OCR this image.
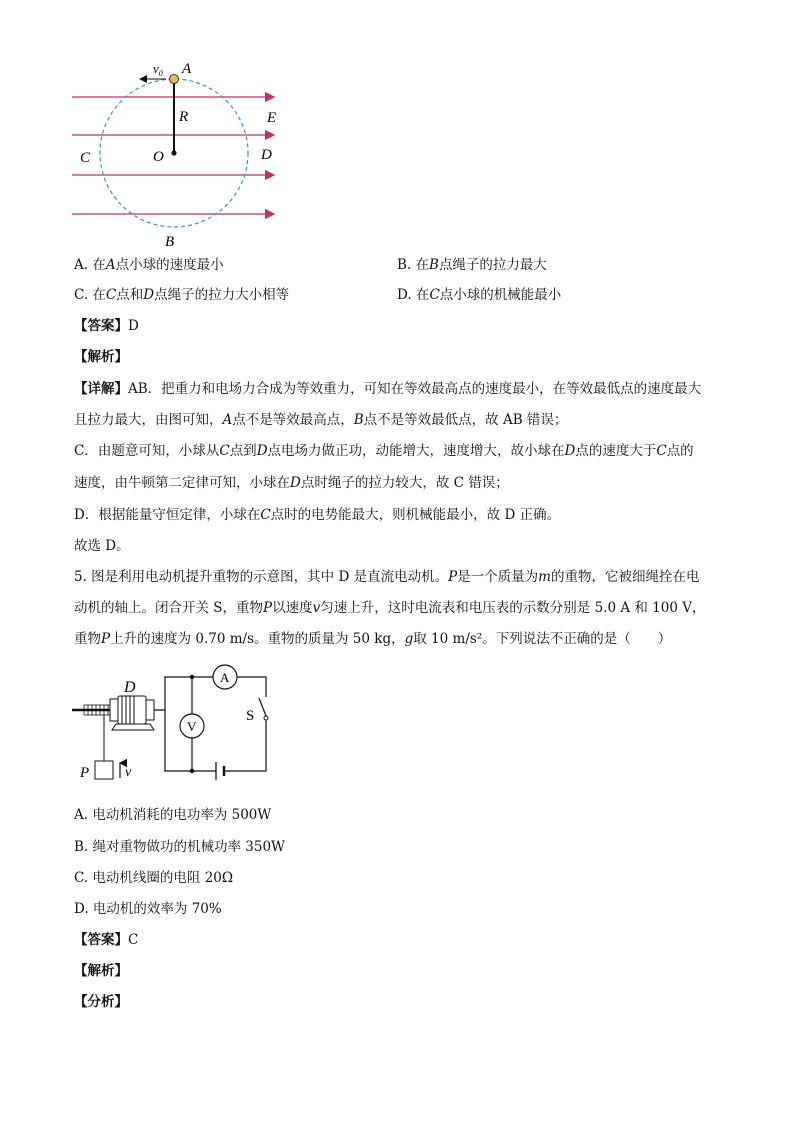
$v_0$ A
R	E
C	O	D
B
A. 在A点小球的速度最小	B. 在B点绳子的拉力最大
C. 在C点和D点绳子的拉力大小相等	D. 在C点小球的机械能最小
【答案】D
【解析】
【详解】AB．把重力和电场力合成为等效重力，可知在等效最高点的速度最小，在等效最低点的速度最大
且拉力最大，由图可知，A点不是等效最高点，B点不是等效最低点，故 AB 错误；
C．由题意可知，小球从C点到D点电场力做正功，动能增大，速度增大，故小球在D点的速度大于C点的
速度，由牛顿第二定律可知，小球在D点时绳子的拉力较大，故 C 错误；
D．根据能量守恒定律，小球在C点时的电势能最大，则机械能最小，故 D 正确。
故选 D。
5. 图是利用电动机提升重物的示意图，其中 D 是直流电动机。P是一个质量为m的重物，它被细绳拴在电
动机的轴上。闭合开关 S，重物P以速度v匀速上升，这时电流表和电压表的示数分别是 5.0 A 和 100 V，
重物P上升的速度为 0.70 m/s。重物的质量为 50 kg，g取 10 m/s²。下列说法不正确的是（　　）
D
P	v
A
V
S
A. 电动机消耗的电功率为 500W
B. 绳对重物做功的机械功率 350W
C. 电动机线圈的电阻 20Ω
D. 电动机的效率为 70%
【答案】C
【解析】
【分析】
